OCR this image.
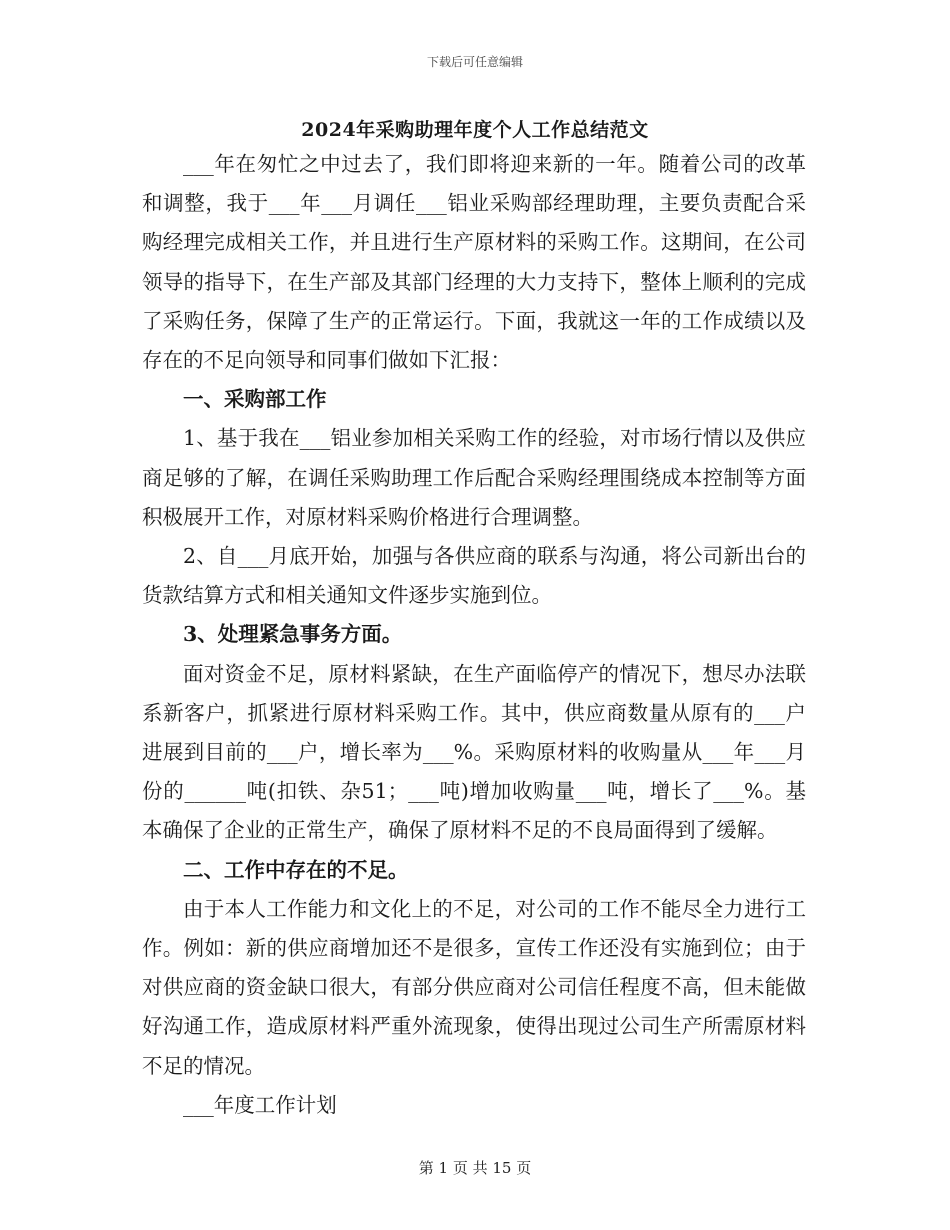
下载后可任意编辑
2024年采购助理年度个人工作总结范文

___年在匆忙之中过去了，我们即将迎来新的一年。随着公司的改革和调整，我于___年___月调任___铝业采购部经理助理，主要负责配合采购经理完成相关工作，并且进行生产原材料的采购工作。这期间，在公司领导的指导下，在生产部及其部门经理的大力支持下，整体上顺利的完成了采购任务，保障了生产的正常运行。下面，我就这一年的工作成绩以及存在的不足向领导和同事们做如下汇报：

一、采购部工作

1、基于我在___铝业参加相关采购工作的经验，对市场行情以及供应商足够的了解，在调任采购助理工作后配合采购经理围绕成本控制等方面积极展开工作，对原材料采购价格进行合理调整。

2、自___月底开始，加强与各供应商的联系与沟通，将公司新出台的货款结算方式和相关通知文件逐步实施到位。

3、处理紧急事务方面。

面对资金不足，原材料紧缺，在生产面临停产的情况下，想尽办法联系新客户，抓紧进行原材料采购工作。其中，供应商数量从原有的___户进展到目前的___户，增长率为___%。采购原材料的收购量从___年___月份的______吨(扣铁、杂51；___吨)增加收购量___吨，增长了___%。基本确保了企业的正常生产，确保了原材料不足的不良局面得到了缓解。

二、工作中存在的不足。

由于本人工作能力和文化上的不足，对公司的工作不能尽全力进行工作。例如：新的供应商增加还不是很多，宣传工作还没有实施到位；由于对供应商的资金缺口很大，有部分供应商对公司信任程度不高，但未能做好沟通工作，造成原材料严重外流现象，使得出现过公司生产所需原材料不足的情况。

___年度工作计划

第 1 页 共 15 页
